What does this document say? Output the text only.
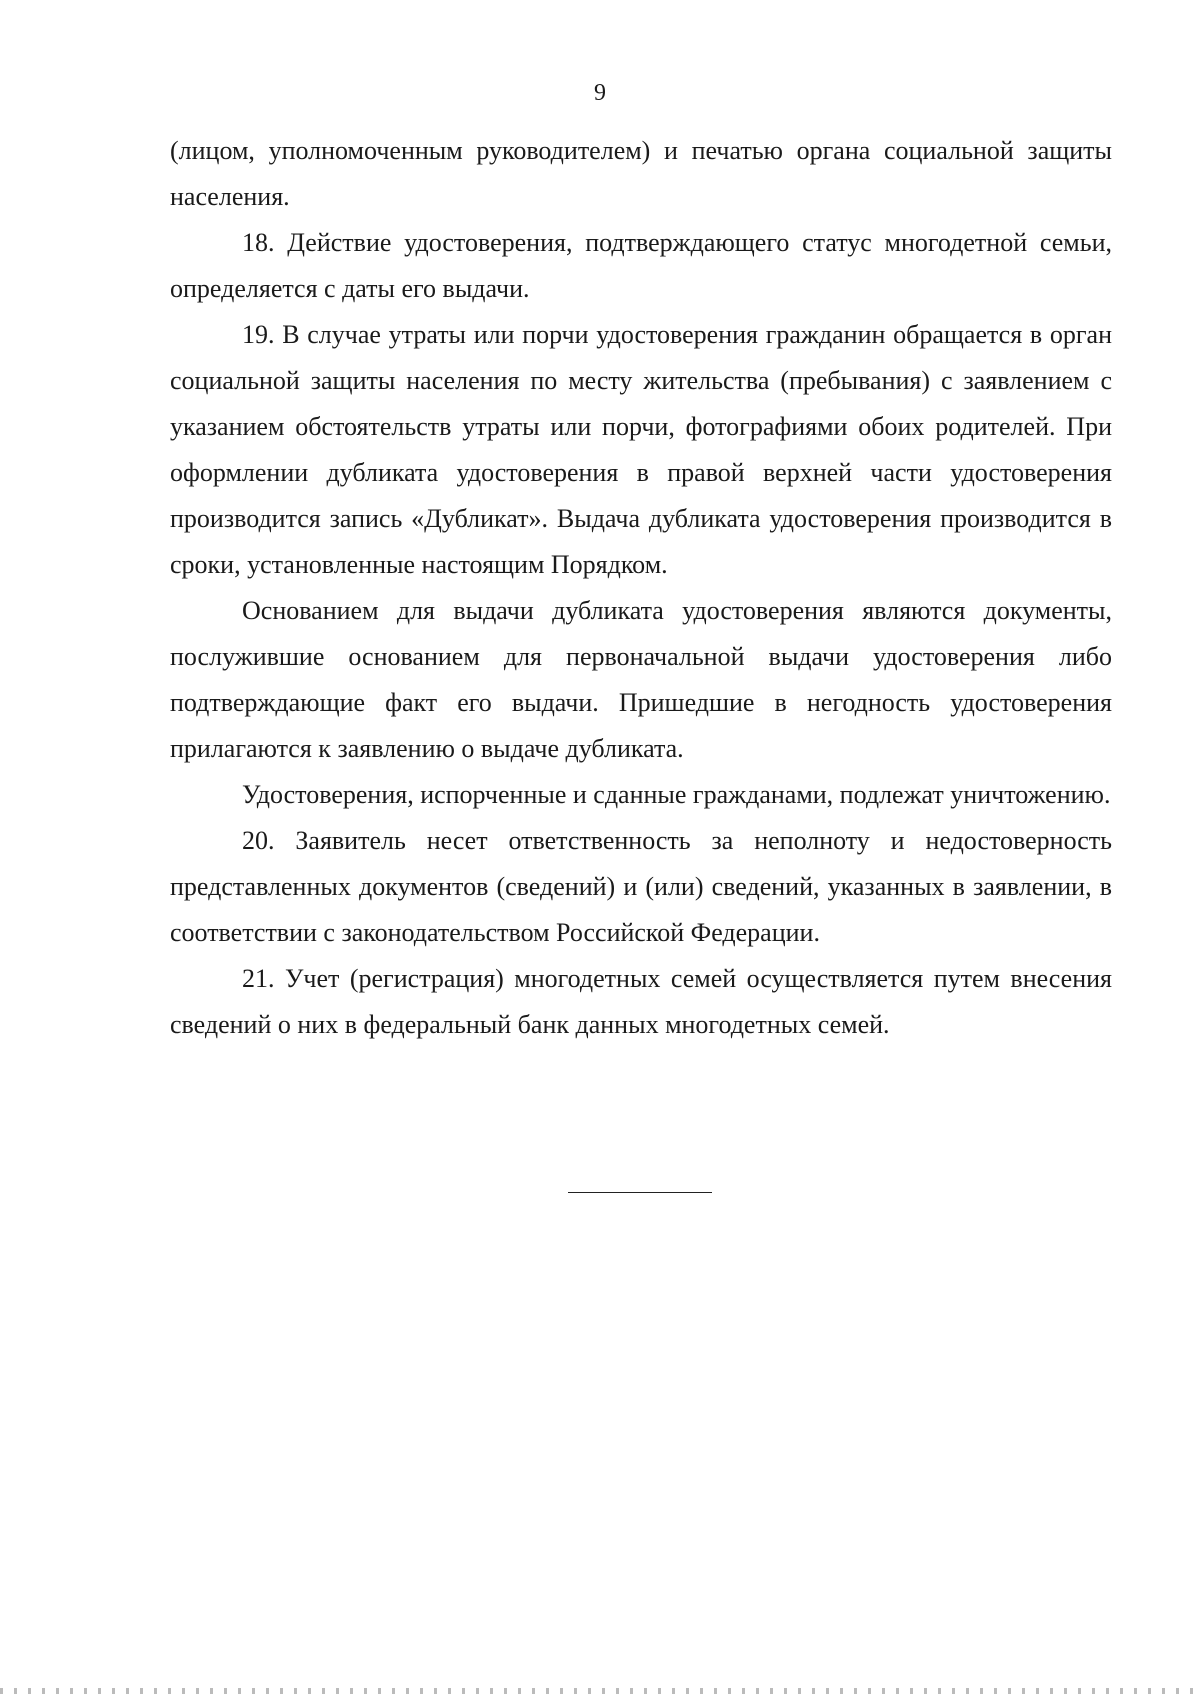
9

(лицом, уполномоченным руководителем) и печатью органа социальной защиты населения.

18. Действие удостоверения, подтверждающего статус многодетной семьи, определяется с даты его выдачи.

19. В случае утраты или порчи удостоверения гражданин обращается в орган социальной защиты населения по месту жительства (пребывания) с заявлением с указанием обстоятельств утраты или порчи, фотографиями обоих родителей. При оформлении дубликата удостоверения в правой верхней части удостоверения производится запись «Дубликат». Выдача дубликата удостоверения производится в сроки, установленные настоящим Порядком.

Основанием для выдачи дубликата удостоверения являются документы, послужившие основанием для первоначальной выдачи удостоверения либо подтверждающие факт его выдачи. Пришедшие в негодность удостоверения прилагаются к заявлению о выдаче дубликата.

Удостоверения, испорченные и сданные гражданами, подлежат уничтожению.

20. Заявитель несет ответственность за неполноту и недостоверность представленных документов (сведений) и (или) сведений, указанных в заявлении, в соответствии с законодательством Российской Федерации.

21. Учет (регистрация) многодетных семей осуществляется путем внесения сведений о них в федеральный банк данных многодетных семей.
